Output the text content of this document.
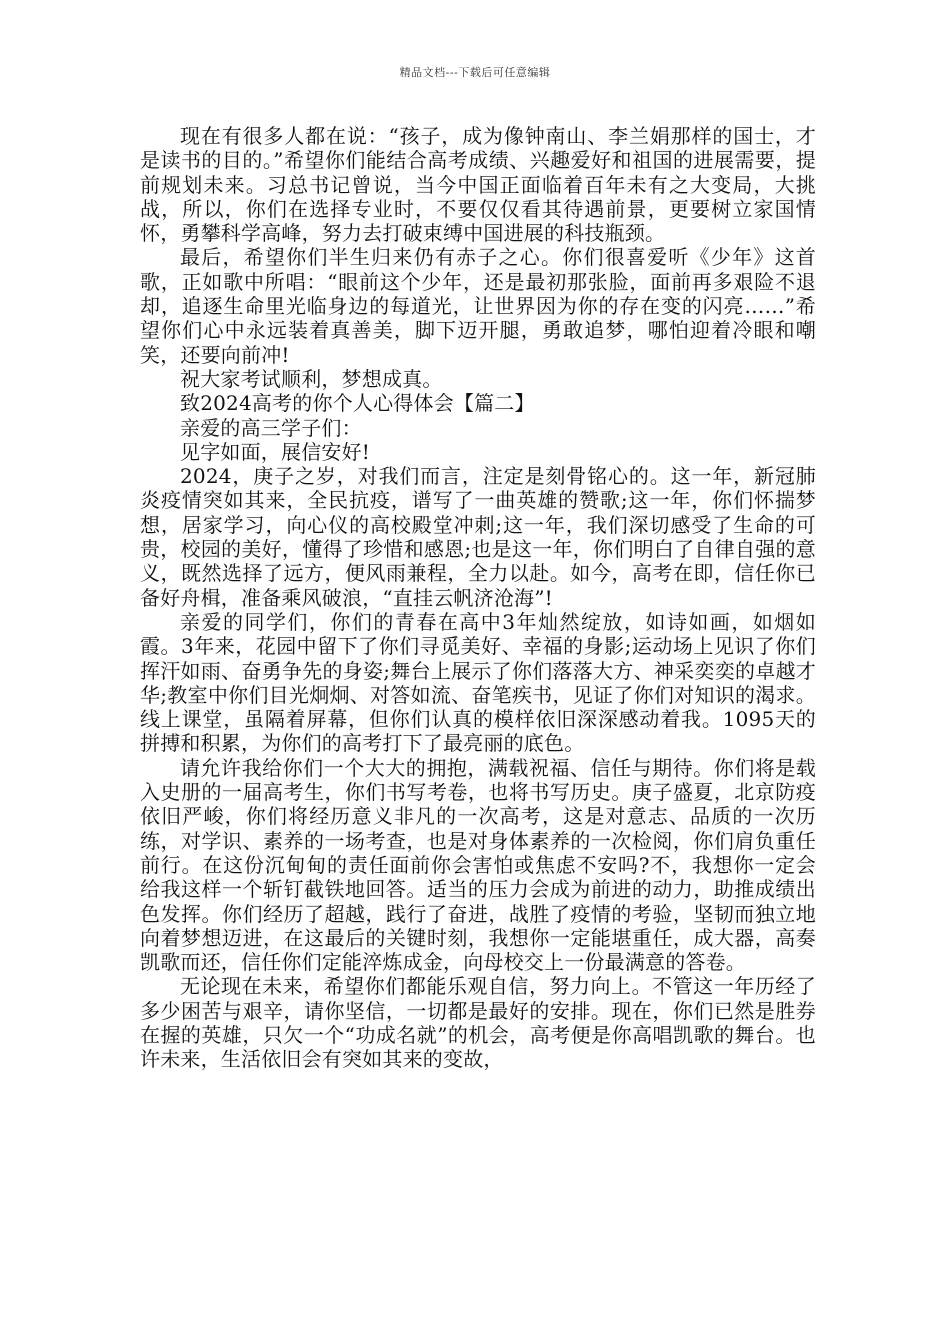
精品文档---下载后可任意编辑

现在有很多人都在说：“孩子，成为像钟南山、李兰娟那样的国士，才是读书的目的。”希望你们能结合高考成绩、兴趣爱好和祖国的进展需要，提前规划未来。习总书记曾说，当今中国正面临着百年未有之大变局，大挑战，所以，你们在选择专业时，不要仅仅看其待遇前景，更要树立家国情怀，勇攀科学高峰，努力去打破束缚中国进展的科技瓶颈。

最后，希望你们半生归来仍有赤子之心。你们很喜爱听《少年》这首歌，正如歌中所唱：“眼前这个少年，还是最初那张脸，面前再多艰险不退却，追逐生命里光临身边的每道光，让世界因为你的存在变的闪亮……”希望你们心中永远装着真善美，脚下迈开腿，勇敢追梦，哪怕迎着冷眼和嘲笑，还要向前冲!

祝大家考试顺利，梦想成真。

致2024高考的你个人心得体会【篇二】

亲爱的高三学子们：

见字如面，展信安好!

2024，庚子之岁，对我们而言，注定是刻骨铭心的。这一年，新冠肺炎疫情突如其来，全民抗疫，谱写了一曲英雄的赞歌;这一年，你们怀揣梦想，居家学习，向心仪的高校殿堂冲刺;这一年，我们深切感受了生命的可贵，校园的美好，懂得了珍惜和感恩;也是这一年，你们明白了自律自强的意义，既然选择了远方，便风雨兼程，全力以赴。如今，高考在即，信任你已备好舟楫，准备乘风破浪，“直挂云帆济沧海”!

亲爱的同学们，你们的青春在高中3年灿然绽放，如诗如画，如烟如霞。3年来，花园中留下了你们寻觅美好、幸福的身影;运动场上见识了你们挥汗如雨、奋勇争先的身姿;舞台上展示了你们落落大方、神采奕奕的卓越才华;教室中你们目光炯炯、对答如流、奋笔疾书，见证了你们对知识的渴求。线上课堂，虽隔着屏幕，但你们认真的模样依旧深深感动着我。1095天的拼搏和积累，为你们的高考打下了最亮丽的底色。

请允许我给你们一个大大的拥抱，满载祝福、信任与期待。你们将是载入史册的一届高考生，你们书写考卷，也将书写历史。庚子盛夏，北京防疫依旧严峻，你们将经历意义非凡的一次高考，这是对意志、品质的一次历练，对学识、素养的一场考查，也是对身体素养的一次检阅，你们肩负重任前行。在这份沉甸甸的责任面前你会害怕或焦虑不安吗?不，我想你一定会给我这样一个斩钉截铁地回答。适当的压力会成为前进的动力，助推成绩出色发挥。你们经历了超越，践行了奋进，战胜了疫情的考验，坚韧而独立地向着梦想迈进，在这最后的关键时刻，我想你一定能堪重任，成大器，高奏凯歌而还，信任你们定能淬炼成金，向母校交上一份最满意的答卷。

无论现在未来，希望你们都能乐观自信，努力向上。不管这一年历经了多少困苦与艰辛，请你坚信，一切都是最好的安排。现在，你们已然是胜券在握的英雄，只欠一个“功成名就”的机会，高考便是你高唱凯歌的舞台。也许未来，生活依旧会有突如其来的变故，
